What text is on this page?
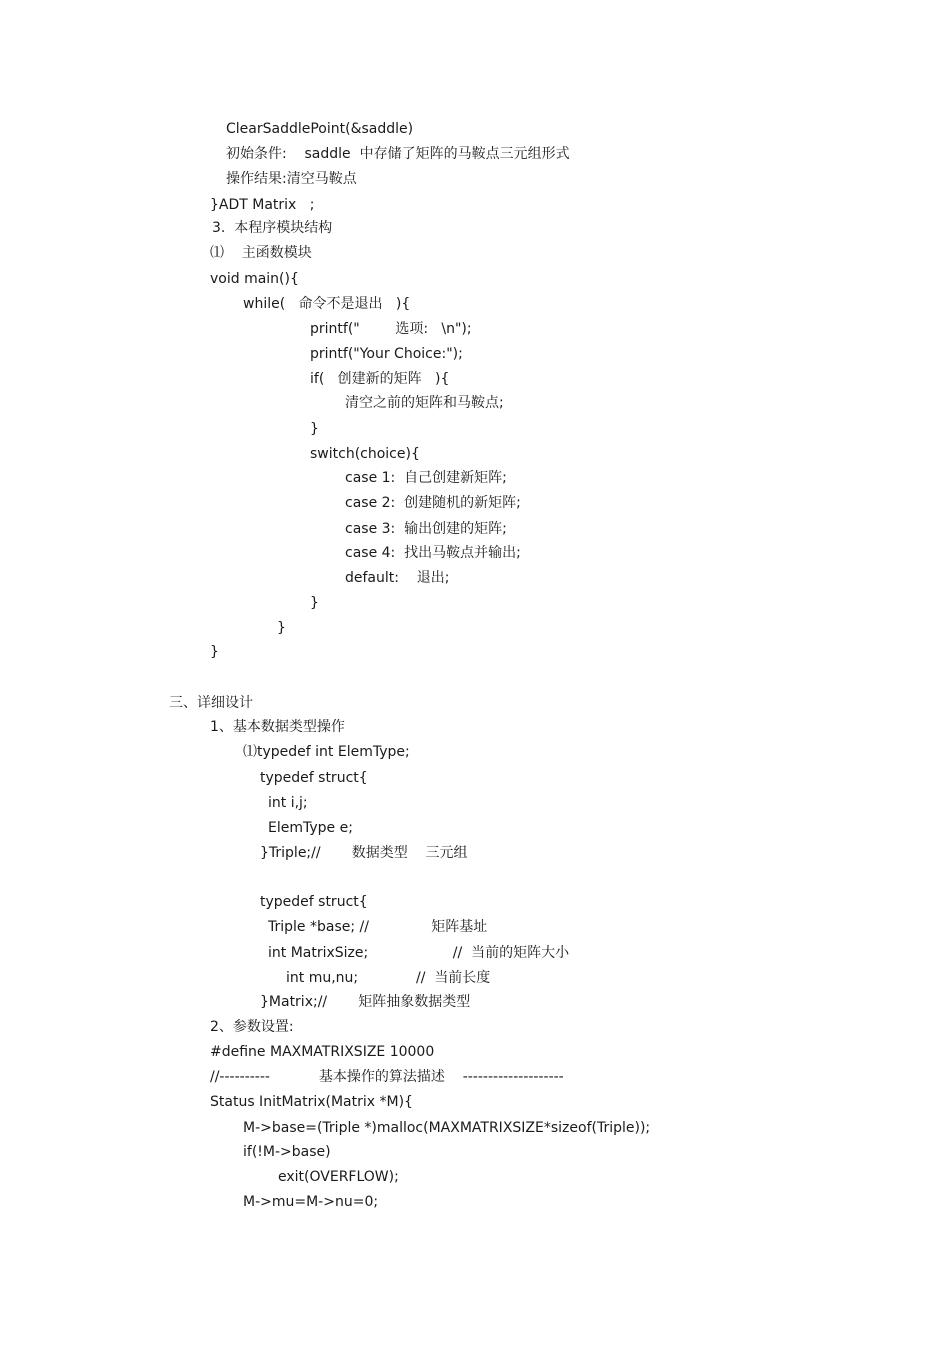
ClearSaddlePoint(&saddle)
初始条件:    saddle  中存储了矩阵的马鞍点三元组形式
操作结果:清空马鞍点
}ADT Matrix   ;
3.  本程序模块结构
⑴    主函数模块
void main(){
while(   命令不是退出   ){
printf("        选项:   \n");
printf("Your Choice:");
if(   创建新的矩阵   ){
清空之前的矩阵和马鞍点;
}
switch(choice){
case 1:  自己创建新矩阵;
case 2:  创建随机的新矩阵;
case 3:  输出创建的矩阵;
case 4:  找出马鞍点并输出;
default:    退出;
}
}
}
三、详细设计
1、基本数据类型操作
⑴typedef int ElemType;
typedef struct{
int i,j;
ElemType e;
}Triple;//       数据类型    三元组
typedef struct{
Triple *base; //              矩阵基址
int MatrixSize;                   //  当前的矩阵大小
int mu,nu;             //  当前长度
}Matrix;//       矩阵抽象数据类型
2、参数设置:
#define MAXMATRIXSIZE 10000
//----------           基本操作的算法描述    --------------------
Status InitMatrix(Matrix *M){
M->base=(Triple *)malloc(MAXMATRIXSIZE*sizeof(Triple));
if(!M->base)
exit(OVERFLOW);
M->mu=M->nu=0;
